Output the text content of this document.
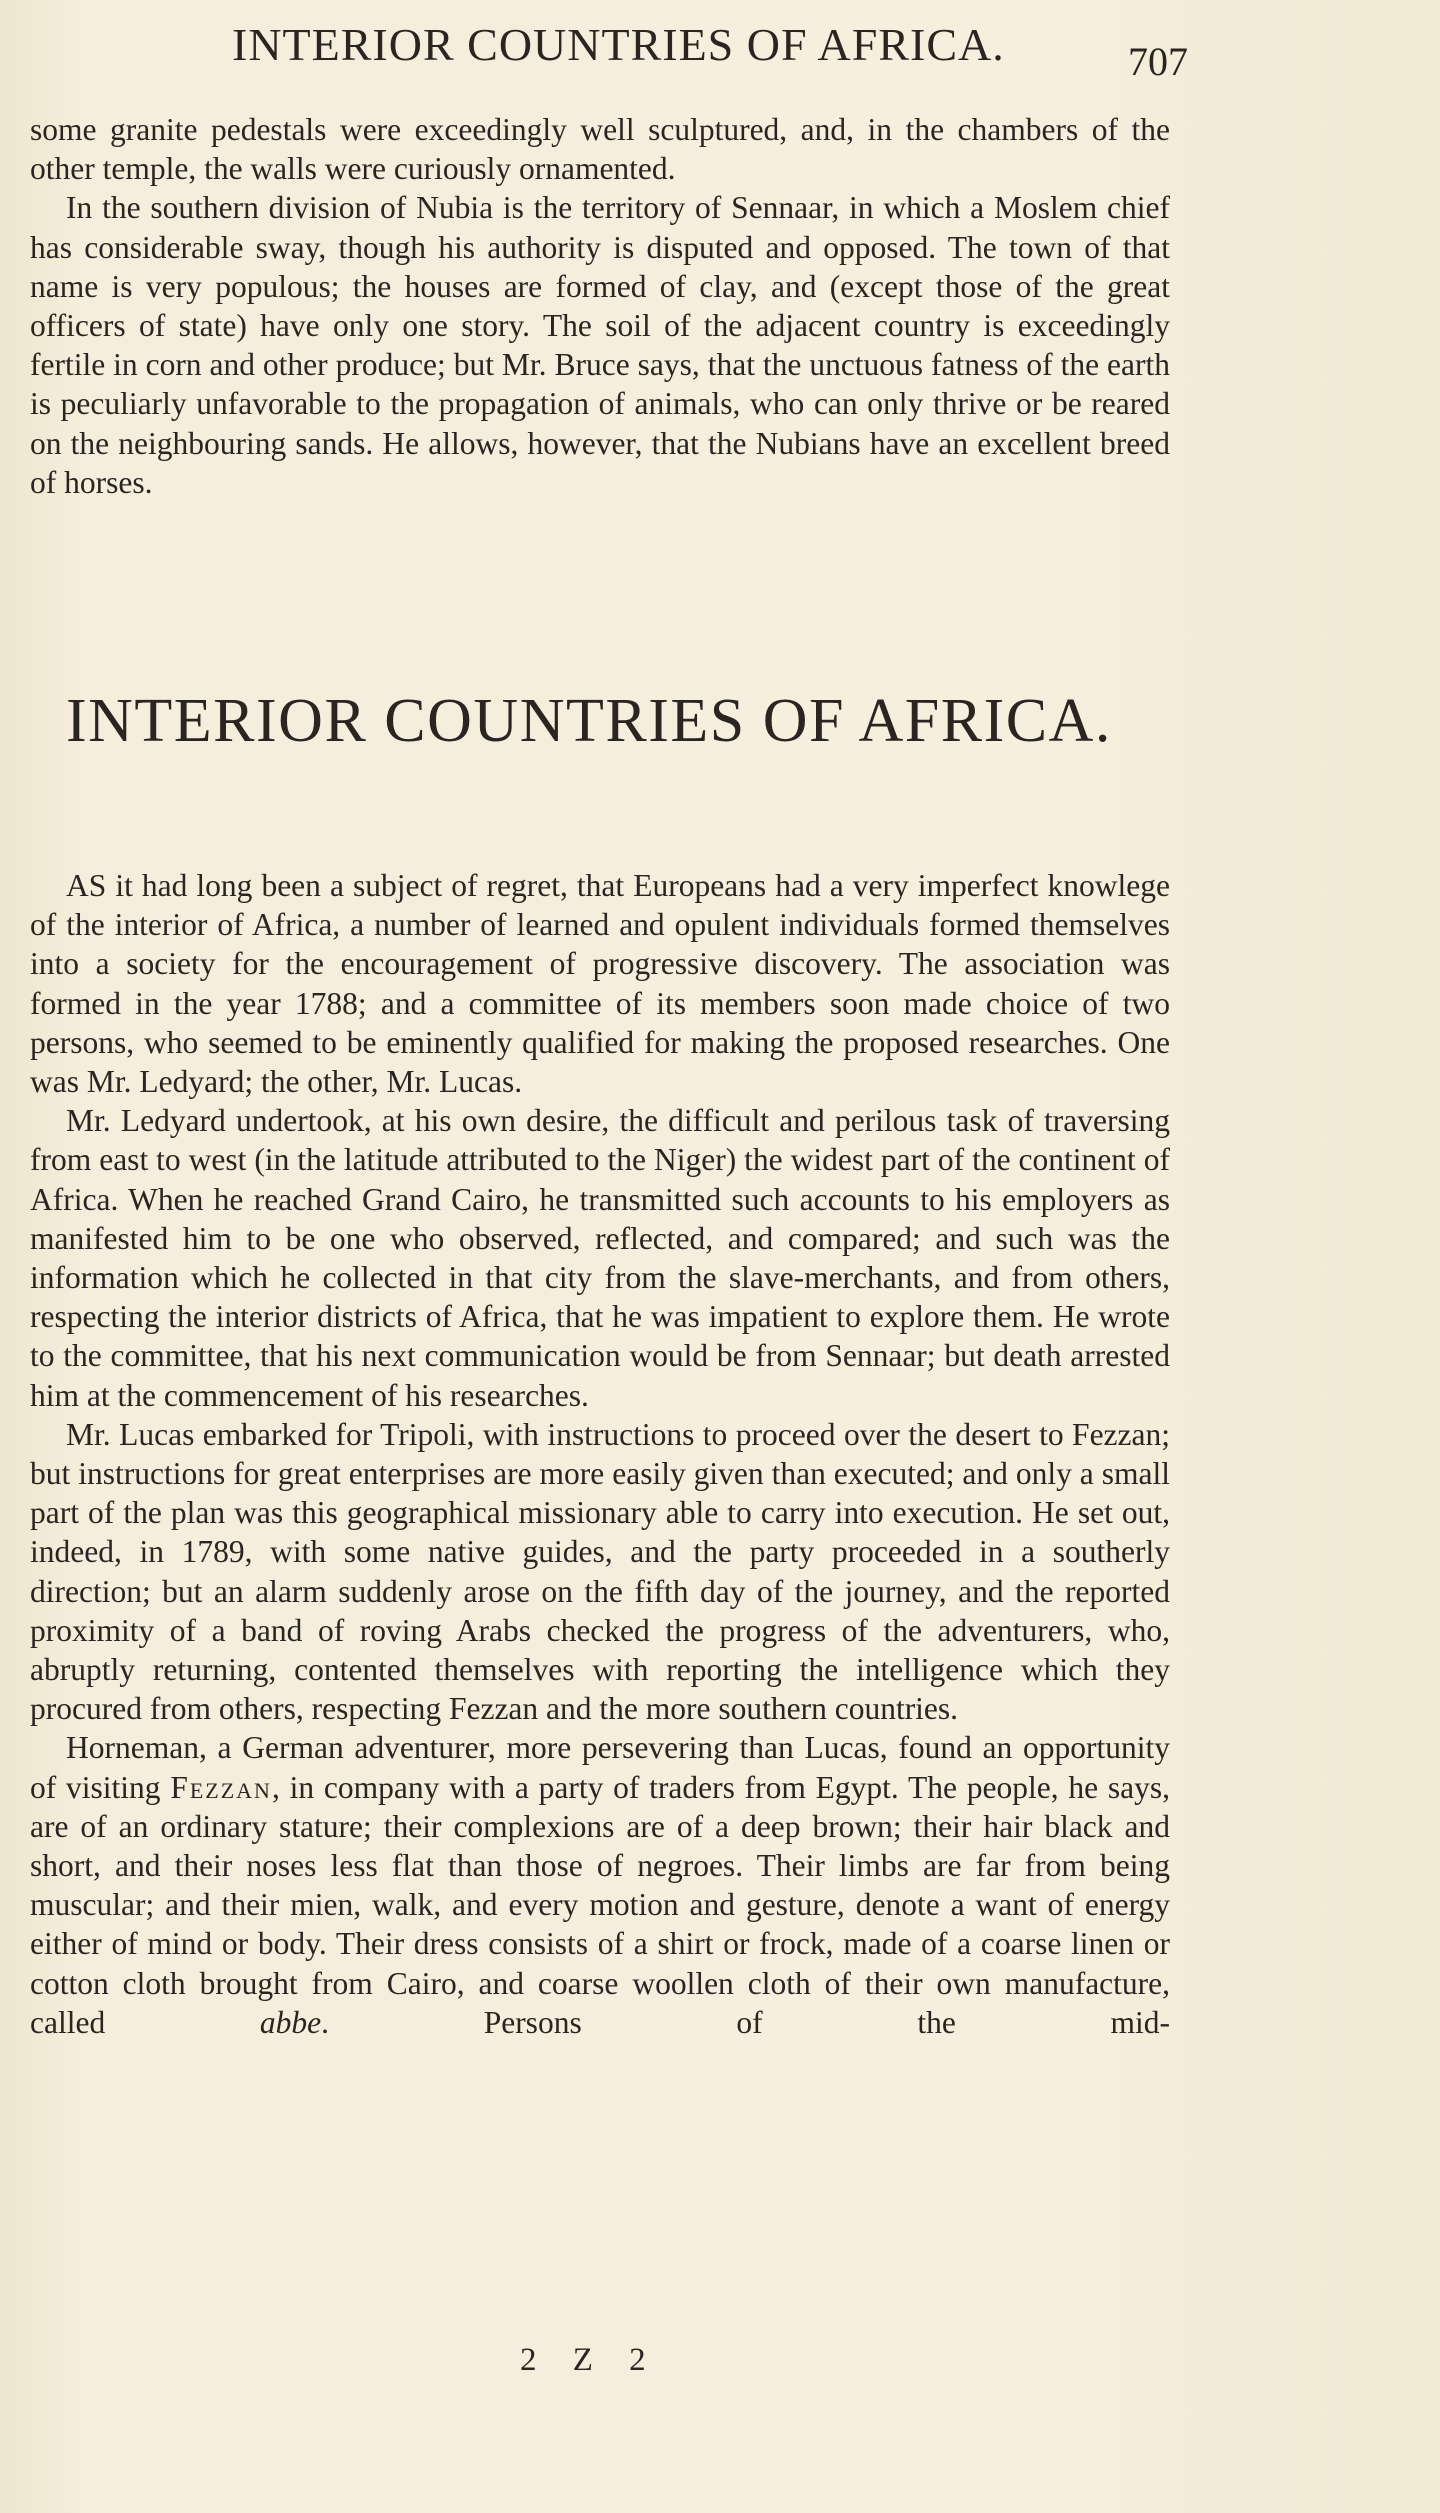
INTERIOR COUNTRIES OF AFRICA.	707

some granite pedestals were exceedingly well sculptured, and, in the chambers of the other temple, the walls were curiously ornamented.

In the southern division of Nubia is the territory of Sennaar, in which a Moslem chief has considerable sway, though his authority is disputed and opposed. The town of that name is very populous; the houses are formed of clay, and (except those of the great officers of state) have only one story. The soil of the adjacent country is exceedingly fertile in corn and other produce; but Mr. Bruce says, that the unctuous fatness of the earth is peculiarly unfavorable to the propagation of animals, who can only thrive or be reared on the neighbouring sands. He allows, however, that the Nubians have an excellent breed of horses.

INTERIOR COUNTRIES OF AFRICA.

AS it had long been a subject of regret, that Europeans had a very imperfect knowlege of the interior of Africa, a number of learned and opulent individuals formed themselves into a society for the encouragement of progressive discovery. The association was formed in the year 1788; and a committee of its members soon made choice of two persons, who seemed to be eminently qualified for making the proposed researches. One was Mr. Ledyard; the other, Mr. Lucas.

Mr. Ledyard undertook, at his own desire, the difficult and perilous task of traversing from east to west (in the latitude attributed to the Niger) the widest part of the continent of Africa. When he reached Grand Cairo, he transmitted such accounts to his employers as manifested him to be one who observed, reflected, and compared; and such was the information which he collected in that city from the slave-merchants, and from others, respecting the interior districts of Africa, that he was impatient to explore them. He wrote to the committee, that his next communication would be from Sennaar; but death arrested him at the commencement of his researches.

Mr. Lucas embarked for Tripoli, with instructions to proceed over the desert to Fezzan; but instructions for great enterprises are more easily given than executed; and only a small part of the plan was this geographical missionary able to carry into execution. He set out, indeed, in 1789, with some native guides, and the party proceeded in a southerly direction; but an alarm suddenly arose on the fifth day of the journey, and the reported proximity of a band of roving Arabs checked the progress of the adventurers, who, abruptly returning, contented themselves with reporting the intelligence which they procured from others, respecting Fezzan and the more southern countries.

Horneman, a German adventurer, more persevering than Lucas, found an opportunity of visiting Fezzan, in company with a party of traders from Egypt. The people, he says, are of an ordinary stature; their complexions are of a deep brown; their hair black and short, and their noses less flat than those of negroes. Their limbs are far from being muscular; and their mien, walk, and every motion and gesture, denote a want of energy either of mind or body. Their dress consists of a shirt or frock, made of a coarse linen or cotton cloth brought from Cairo, and coarse woollen cloth of their own manufacture, called abbe. Persons of the mid-

2 Z 2
